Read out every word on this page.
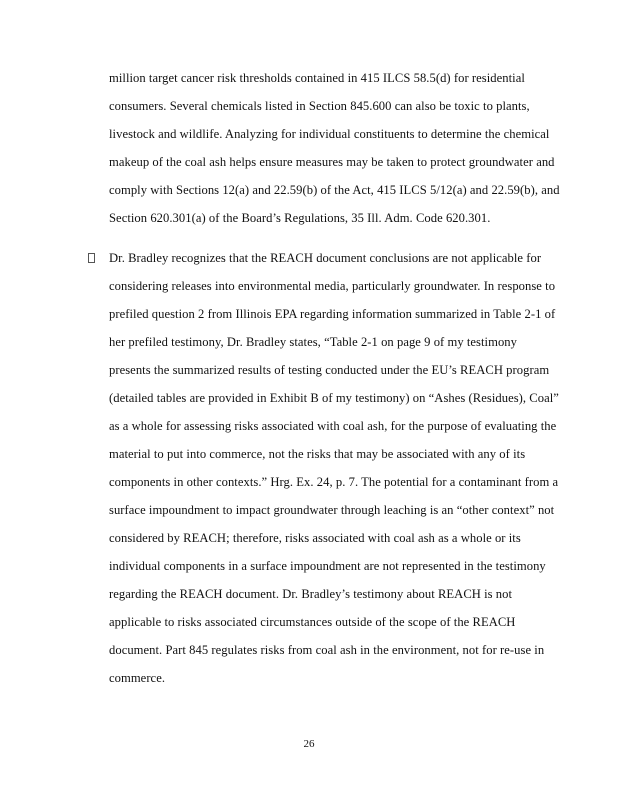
million target cancer risk thresholds contained in 415 ILCS 58.5(d) for residential
consumers. Several chemicals listed in Section 845.600 can also be toxic to plants,
livestock and wildlife. Analyzing for individual constituents to determine the chemical
makeup of the coal ash helps ensure measures may be taken to protect groundwater and
comply with Sections 12(a) and 22.59(b) of the Act, 415 ILCS 5/12(a) and 22.59(b), and
Section 620.301(a) of the Board’s Regulations, 35 Ill. Adm. Code 620.301.
Dr. Bradley recognizes that the REACH document conclusions are not applicable for
considering releases into environmental media, particularly groundwater. In response to
prefiled question 2 from Illinois EPA regarding information summarized in Table 2-1 of
her prefiled testimony, Dr. Bradley states, “Table 2-1 on page 9 of my testimony
presents the summarized results of testing conducted under the EU’s REACH program
(detailed tables are provided in Exhibit B of my testimony) on “Ashes (Residues), Coal”
as a whole for assessing risks associated with coal ash, for the purpose of evaluating the
material to put into commerce, not the risks that may be associated with any of its
components in other contexts.” Hrg. Ex. 24, p. 7. The potential for a contaminant from a
surface impoundment to impact groundwater through leaching is an “other context” not
considered by REACH; therefore, risks associated with coal ash as a whole or its
individual components in a surface impoundment are not represented in the testimony
regarding the REACH document. Dr. Bradley’s testimony about REACH is not
applicable to risks associated circumstances outside of the scope of the REACH
document. Part 845 regulates risks from coal ash in the environment, not for re-use in
commerce.
26
